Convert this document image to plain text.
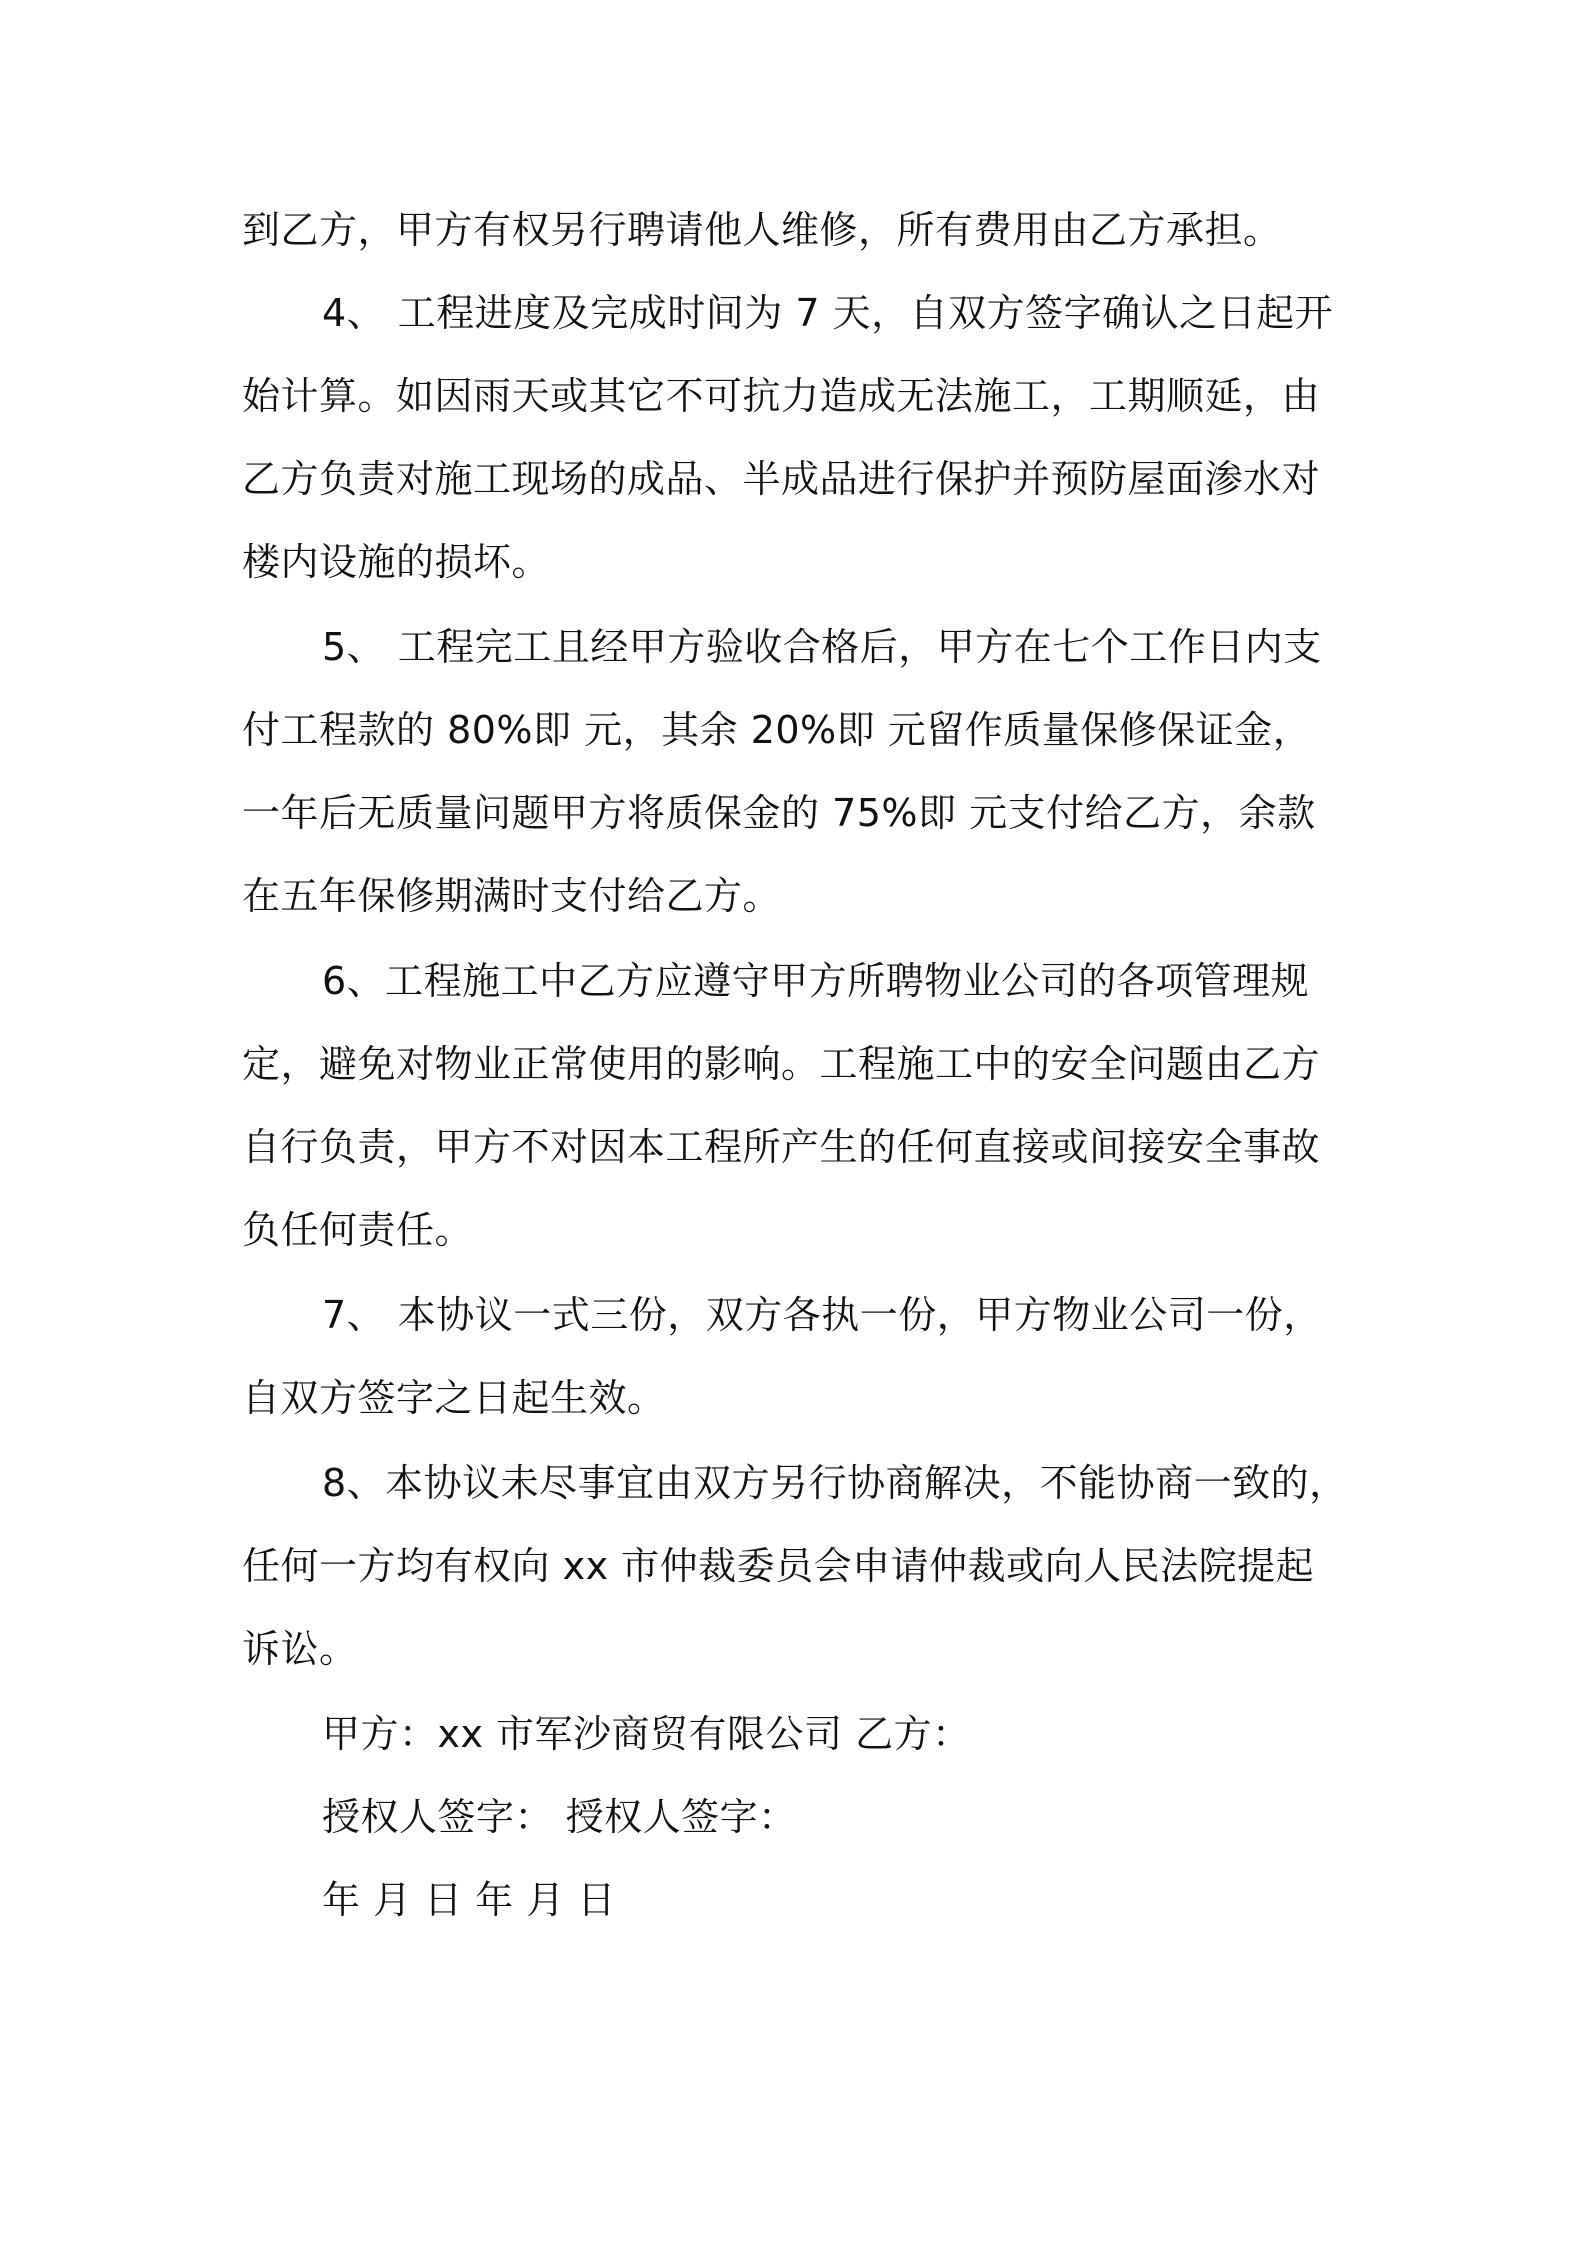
到乙方，甲方有权另行聘请他人维修，所有费用由乙方承担。
4、 工程进度及完成时间为 7 天，自双方签字确认之日起开
始计算。如因雨天或其它不可抗力造成无法施工，工期顺延，由
乙方负责对施工现场的成品、半成品进行保护并预防屋面渗水对
楼内设施的损坏。
5、 工程完工且经甲方验收合格后，甲方在七个工作日内支
付工程款的 80%即 元，其余 20%即 元留作质量保修保证金，
一年后无质量问题甲方将质保金的 75%即 元支付给乙方，余款
在五年保修期满时支付给乙方。
6、工程施工中乙方应遵守甲方所聘物业公司的各项管理规
定，避免对物业正常使用的影响。工程施工中的安全问题由乙方
自行负责，甲方不对因本工程所产生的任何直接或间接安全事故
负任何责任。
7、 本协议一式三份，双方各执一份，甲方物业公司一份，
自双方签字之日起生效。
8、本协议未尽事宜由双方另行协商解决，不能协商一致的，
任何一方均有权向 xx 市仲裁委员会申请仲裁或向人民法院提起
诉讼。
甲方：xx 市军沙商贸有限公司 乙方：
授权人签字： 授权人签字：
年 月 日 年 月 日
